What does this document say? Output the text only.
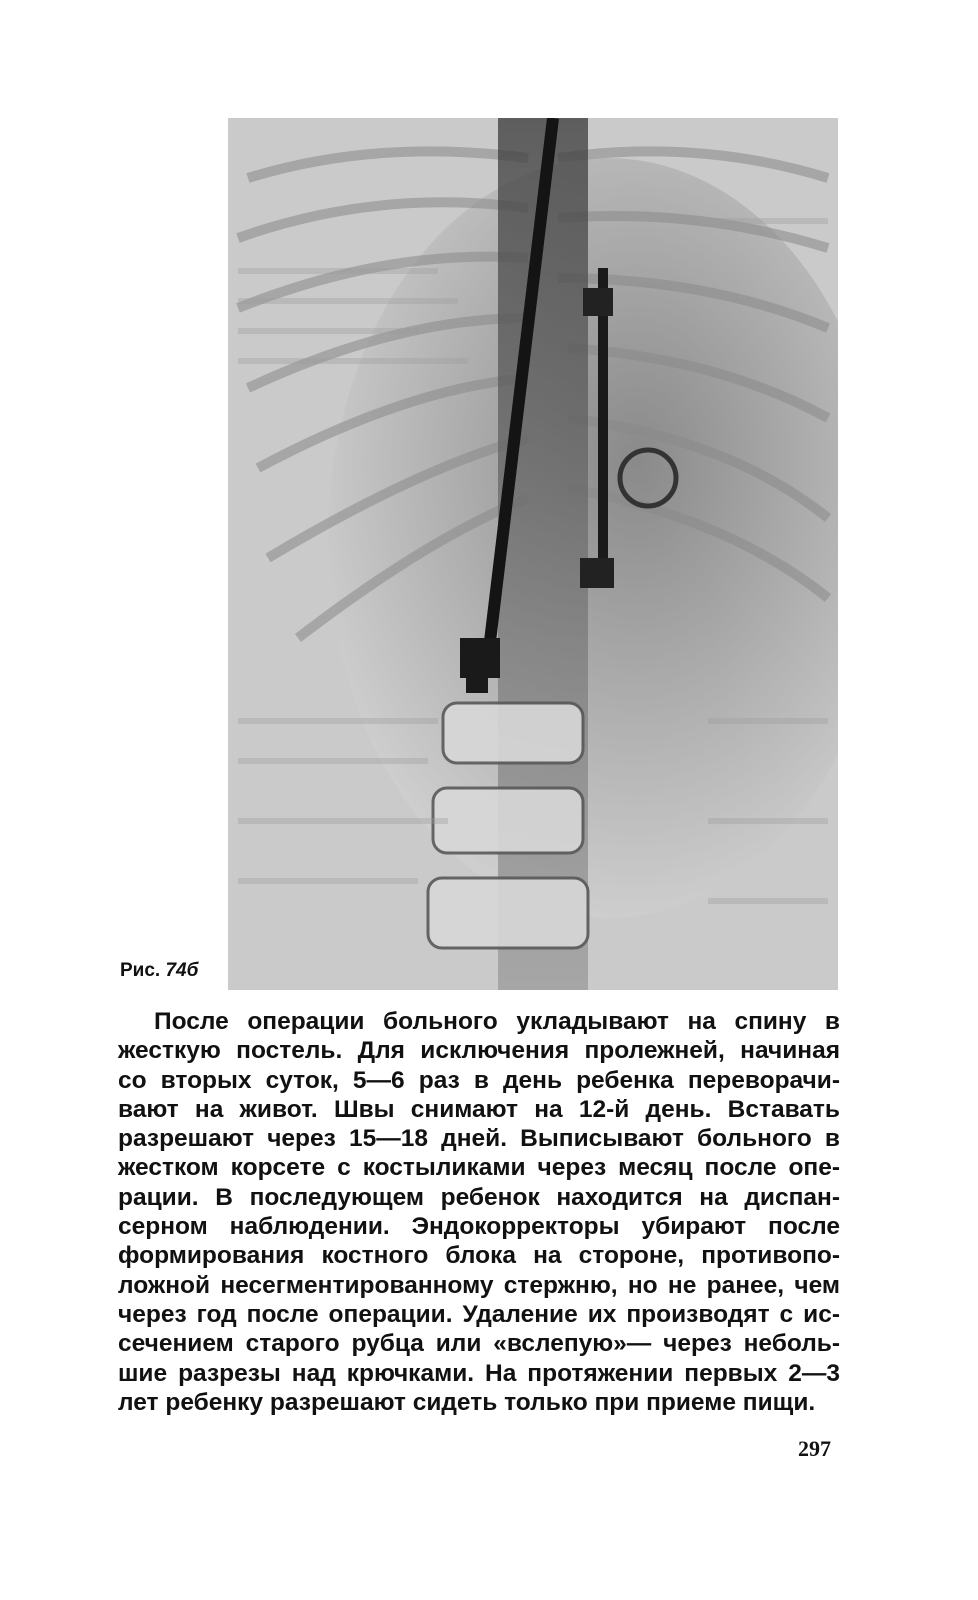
Рис. 74б
После операции больного укладывают на спину в
жесткую постель. Для исключения пролежней, начиная
со вторых суток, 5—6 раз в день ребенка переворачи-
вают на живот. Швы снимают на 12-й день. Вставать
разрешают через 15—18 дней. Выписывают больного в
жестком корсете с костыликами через месяц после опе-
рации. В последующем ребенок находится на диспан-
серном наблюдении. Эндокорректоры убирают после
формирования костного блока на стороне, противопо-
ложной несегментированному стержню, но не ранее, чем
через год после операции. Удаление их производят с ис-
сечением старого рубца или «вслепую»— через неболь-
шие разрезы над крючками. На протяжении первых 2—3
лет ребенку разрешают сидеть только при приеме пищи.
297
